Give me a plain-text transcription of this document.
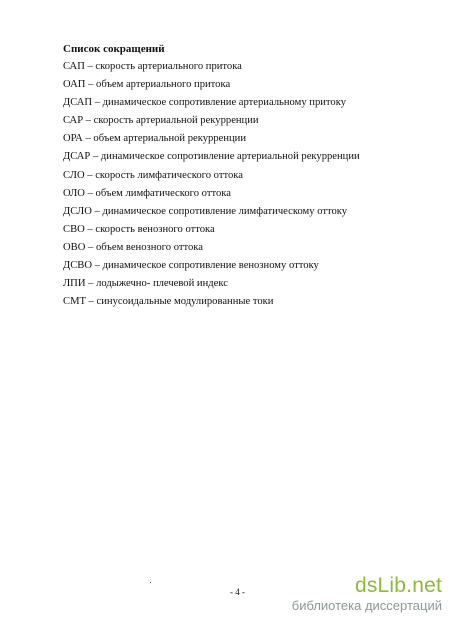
Список сокращений
САП – скорость артериального притока
ОАП – объем артериального притока
ДСАП – динамическое сопротивление артериальному притоку
САР – скорость артериальной рекурренции
ОРА – объем артериальной рекурренции
ДСАР – динамическое сопротивление артериальной рекурренции
СЛО – скорость лимфатического оттока
ОЛО – объем лимфатического оттока
ДСЛО – динамическое сопротивление лимфатическому оттоку
СВО – скорость венозного оттока
ОВО – объем венозного оттока
ДСВО – динамическое сопротивление венозному оттоку
ЛПИ – лодыжечно- плечевой индекс
СМТ – синусоидальные модулированные токи
- 4 -	dsLib.net
библиотека диссертаций
